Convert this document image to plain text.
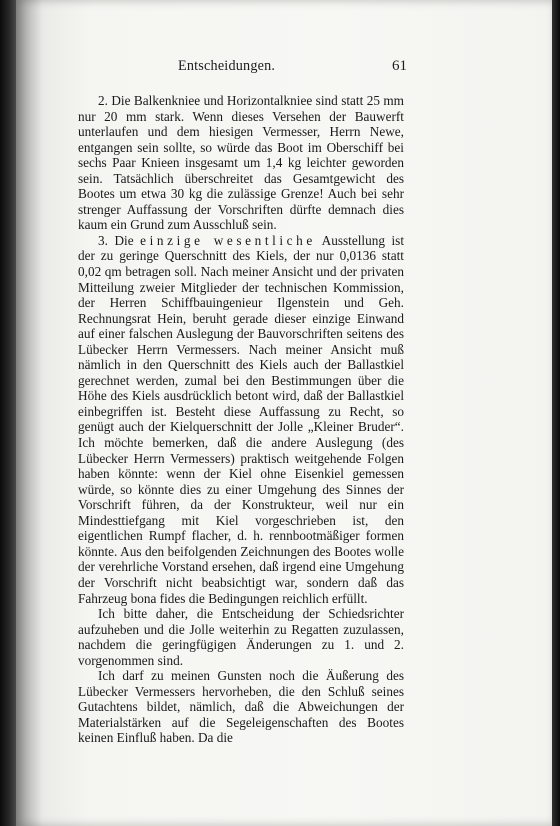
Entscheidungen.	61

2. Die Balkenkniee und Horizontalkniee sind statt 25 mm nur 20 mm stark. Wenn dieses Versehen der Bauwerft unterlaufen und dem hiesigen Vermesser, Herrn Newe, entgangen sein sollte, so würde das Boot im Oberschiff bei sechs Paar Knieen insgesamt um 1,4 kg leichter geworden sein. Tatsächlich überschreitet das Gesamtgewicht des Bootes um etwa 30 kg die zulässige Grenze! Auch bei sehr strenger Auffassung der Vorschriften dürfte demnach dies kaum ein Grund zum Ausschluß sein.

3. Die einzige wesentliche Ausstellung ist der zu geringe Querschnitt des Kiels, der nur 0,0136 statt 0,02 qm betragen soll. Nach meiner Ansicht und der privaten Mitteilung zweier Mitglieder der technischen Kommission, der Herren Schiffbauingenieur Ilgenstein und Geh. Rechnungsrat Hein, beruht gerade dieser einzige Einwand auf einer falschen Auslegung der Bauvorschriften seitens des Lübecker Herrn Vermessers. Nach meiner Ansicht muß nämlich in den Querschnitt des Kiels auch der Ballastkiel gerechnet werden, zumal bei den Bestimmungen über die Höhe des Kiels ausdrücklich betont wird, daß der Ballastkiel einbegriffen ist. Besteht diese Auffassung zu Recht, so genügt auch der Kielquerschnitt der Jolle „Kleiner Bruder“. Ich möchte bemerken, daß die andere Auslegung (des Lübecker Herrn Vermessers) praktisch weitgehende Folgen haben könnte: wenn der Kiel ohne Eisenkiel gemessen würde, so könnte dies zu einer Umgehung des Sinnes der Vorschrift führen, da der Konstrukteur, weil nur ein Mindesttiefgang mit Kiel vorgeschrieben ist, den eigentlichen Rumpf flacher, d. h. rennbootmäßiger formen könnte. Aus den beifolgenden Zeichnungen des Bootes wolle der verehrliche Vorstand ersehen, daß irgend eine Umgehung der Vorschrift nicht beabsichtigt war, sondern daß das Fahrzeug bona fides die Bedingungen reichlich erfüllt.

Ich bitte daher, die Entscheidung der Schiedsrichter aufzuheben und die Jolle weiterhin zu Regatten zuzulassen, nachdem die geringfügigen Änderungen zu 1. und 2. vorgenommen sind.

Ich darf zu meinen Gunsten noch die Äußerung des Lübecker Vermessers hervorheben, die den Schluß seines Gutachtens bildet, nämlich, daß die Abweichungen der Materialstärken auf die Segeleigenschaften des Bootes keinen Einfluß haben. Da die
